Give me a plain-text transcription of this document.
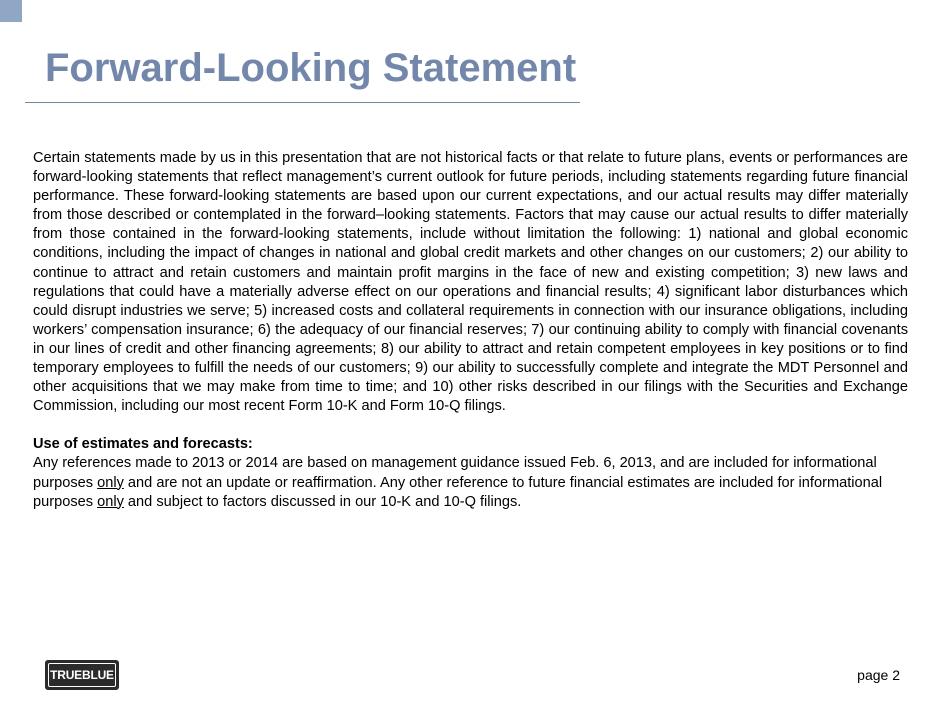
Forward-Looking Statement

Certain statements made by us in this presentation that are not historical facts or that relate to future plans, events or performances are forward-looking statements that reflect management’s current outlook for future periods, including statements regarding future financial performance. These forward-looking statements are based upon our current expectations, and our actual results may differ materially from those described or contemplated in the forward–looking statements. Factors that may cause our actual results to differ materially from those contained in the forward-looking statements, include without limitation the following: 1) national and global economic conditions, including the impact of changes in national and global credit markets and other changes on our customers; 2) our ability to continue to attract and retain customers and maintain profit margins in the face of new and existing competition; 3) new laws and regulations that could have a materially adverse effect on our operations and financial results; 4) significant labor disturbances which could disrupt industries we serve; 5) increased costs and collateral requirements in connection with our insurance obligations, including workers’ compensation insurance; 6) the adequacy of our financial reserves; 7) our continuing ability to comply with financial covenants in our lines of credit and other financing agreements; 8) our ability to attract and retain competent employees in key positions or to find temporary employees to fulfill the needs of our customers; 9) our ability to successfully complete and integrate the MDT Personnel and other acquisitions that we may make from time to time; and 10) other risks described in our filings with the Securities and Exchange Commission, including our most recent Form 10-K and Form 10-Q filings.

Use of estimates and forecasts:

Any references made to 2013 or 2014 are based on management guidance issued Feb. 6, 2013, and are included for informational purposes only and are not an update or reaffirmation. Any other reference to future financial estimates are included for informational purposes only and subject to factors discussed in our 10-K and 10-Q filings.

TRUEBLUE	page 2
